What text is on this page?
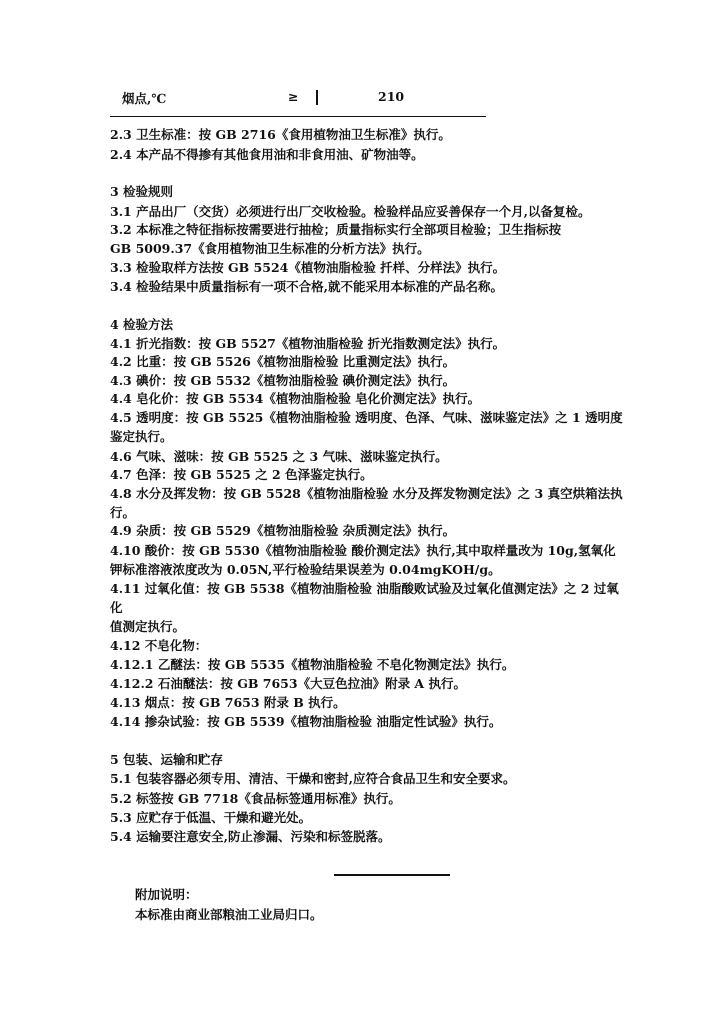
烟点,℃	≥	210
2.3 卫生标准：按 GB 2716《食用植物油卫生标准》执行。
2.4 本产品不得掺有其他食用油和非食用油、矿物油等。
3 检验规则
3.1 产品出厂（交货）必须进行出厂交收检验。检验样品应妥善保存一个月,以备复检。
3.2 本标准之特征指标按需要进行抽检；质量指标实行全部项目检验；卫生指标按
GB 5009.37《食用植物油卫生标准的分析方法》执行。
3.3 检验取样方法按 GB 5524《植物油脂检验 扦样、分样法》执行。
3.4 检验结果中质量指标有一项不合格,就不能采用本标准的产品名称。
4 检验方法
4.1 折光指数：按 GB 5527《植物油脂检验 折光指数测定法》执行。
4.2 比重：按 GB 5526《植物油脂检验 比重测定法》执行。
4.3 碘价：按 GB 5532《植物油脂检验 碘价测定法》执行。
4.4 皂化价：按 GB 5534《植物油脂检验 皂化价测定法》执行。
4.5 透明度：按 GB 5525《植物油脂检验 透明度、色泽、气味、滋味鉴定法》之 1 透明度
鉴定执行。
4.6 气味、滋味：按 GB 5525 之 3 气味、滋味鉴定执行。
4.7 色泽：按 GB 5525 之 2 色泽鉴定执行。
4.8 水分及挥发物：按 GB 5528《植物油脂检验 水分及挥发物测定法》之 3 真空烘箱法执
行。
4.9 杂质：按 GB 5529《植物油脂检验 杂质测定法》执行。
4.10 酸价：按 GB 5530《植物油脂检验 酸价测定法》执行,其中取样量改为 10g,氢氧化
钾标准溶液浓度改为 0.05N,平行检验结果误差为 0.04mgKOH/g。
4.11 过氧化值：按 GB 5538《植物油脂检验 油脂酸败试验及过氧化值测定法》之 2 过氧
化
值测定执行。
4.12 不皂化物：
4.12.1 乙醚法：按 GB 5535《植物油脂检验 不皂化物测定法》执行。
4.12.2 石油醚法：按 GB 7653《大豆色拉油》附录 A 执行。
4.13 烟点：按 GB 7653 附录 B 执行。
4.14 掺杂试验：按 GB 5539《植物油脂检验 油脂定性试验》执行。
5 包装、运输和贮存
5.1 包装容器必须专用、清洁、干燥和密封,应符合食品卫生和安全要求。
5.2 标签按 GB 7718《食品标签通用标准》执行。
5.3 应贮存于低温、干燥和避光处。
5.4 运输要注意安全,防止渗漏、污染和标签脱落。
附加说明：
本标准由商业部粮油工业局归口。
